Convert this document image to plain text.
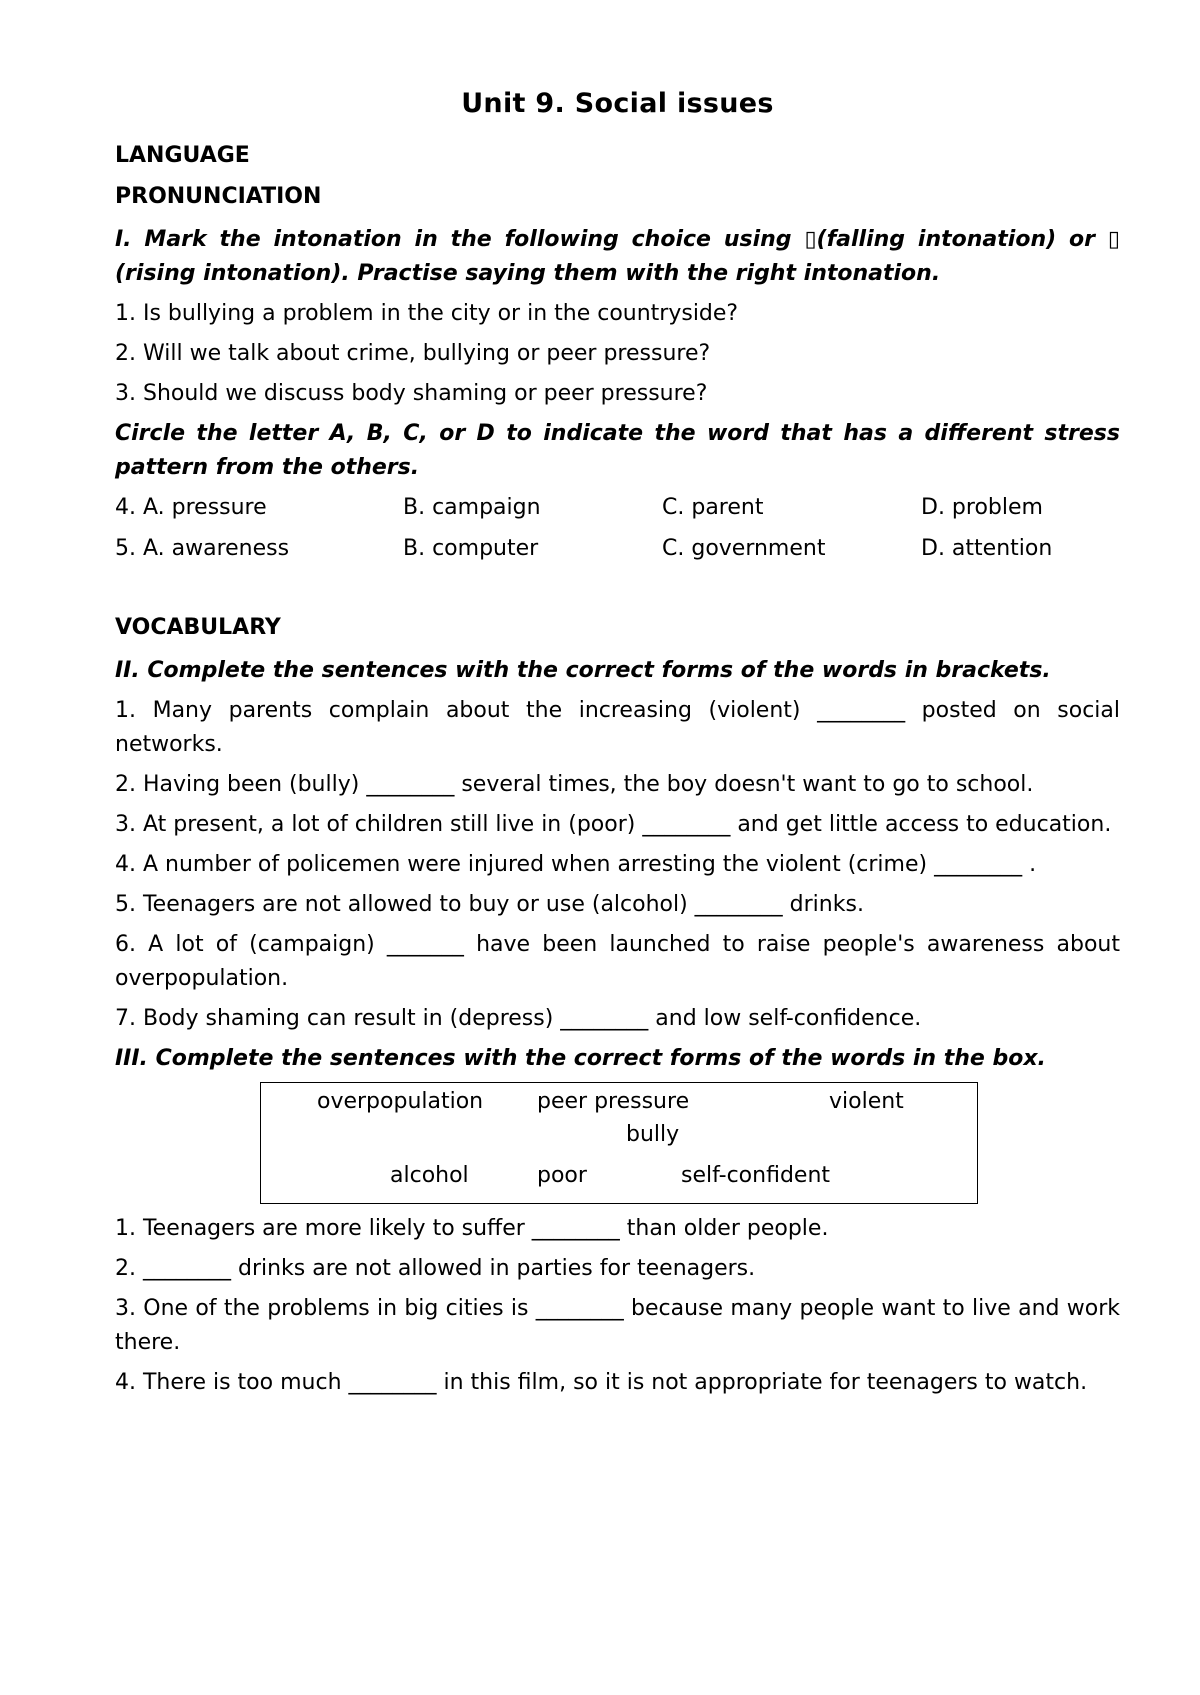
Unit 9. Social issues
LANGUAGE
PRONUNCIATION
I. Mark the intonation in the following choice using ▯(falling intonation) or ▯(rising intonation). Practise saying them with the right intonation.
1. Is bullying a problem in the city or in the countryside?
2. Will we talk about crime, bullying or peer pressure?
3. Should we discuss body shaming or peer pressure?
Circle the letter A, B, C, or D to indicate the word that has a different stress pattern from the others.
4. A. pressure	B. campaign	C. parent	D. problem
5. A. awareness	B. computer	C. government	D. attention
VOCABULARY
II. Complete the sentences with the correct forms of the words in brackets.
1. Many parents complain about the increasing (violent) ________ posted on social networks.
2. Having been (bully) ________ several times, the boy doesn't want to go to school.
3. At present, a lot of children still live in (poor) ________ and get little access to education.
4. A number of policemen were injured when arresting the violent (crime) ________ .
5. Teenagers are not allowed to buy or use (alcohol) ________ drinks.
6. A lot of (campaign) _______ have been launched to raise people's awareness about overpopulation.
7. Body shaming can result in (depress) ________ and low self-confidence.
III. Complete the sentences with the correct forms of the words in the box.
overpopulation peer pressure	violent
bully
alcohol	poor	self-confident
1. Teenagers are more likely to suffer ________ than older people.
2. ________ drinks are not allowed in parties for teenagers.
3. One of the problems in big cities is ________ because many people want to live and work there.
4. There is too much ________ in this film, so it is not appropriate for teenagers to watch.
